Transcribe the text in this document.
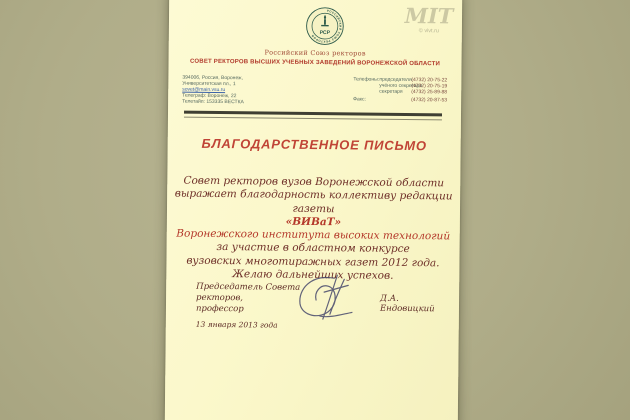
РОССИЙСКИЙ СОЮЗ РЕКТОРОВ РСР
МІТ
© vivt.ru
Российский Союз ректоров
СОВЕТ РЕКТОРОВ ВЫСШИХ УЧЕБНЫХ ЗАВЕДЕНИЙ ВОРОНЕЖСКОЙ ОБЛАСТИ
394006, Россия, Воронеж,
Университетская пл., 1
sovet@main.vsu.ru
Телеграф: Воронеж, 22
Телетайп: 153335 ВЕСТКА
Телефоны:
Факс:
председателя
учёного секретаря
секретаря
(4732) 20-75-22
(4732) 20-75-19
(4732) 25-89-88
(4732) 20-87-53
БЛАГОДАРСТВЕННОЕ ПИСЬМО
Совет ректоров вузов Воронежской области
выражает благодарность коллективу редакции газеты
«ВИВаТ»
Воронежского института высоких технологий
за участие в областном конкурсе
вузовских многотиражных газет 2012 года.
Желаю дальнейших успехов.
Председатель Совета ректоров,
профессор
Д.А. Ендовицкий
13 января 2013 года
